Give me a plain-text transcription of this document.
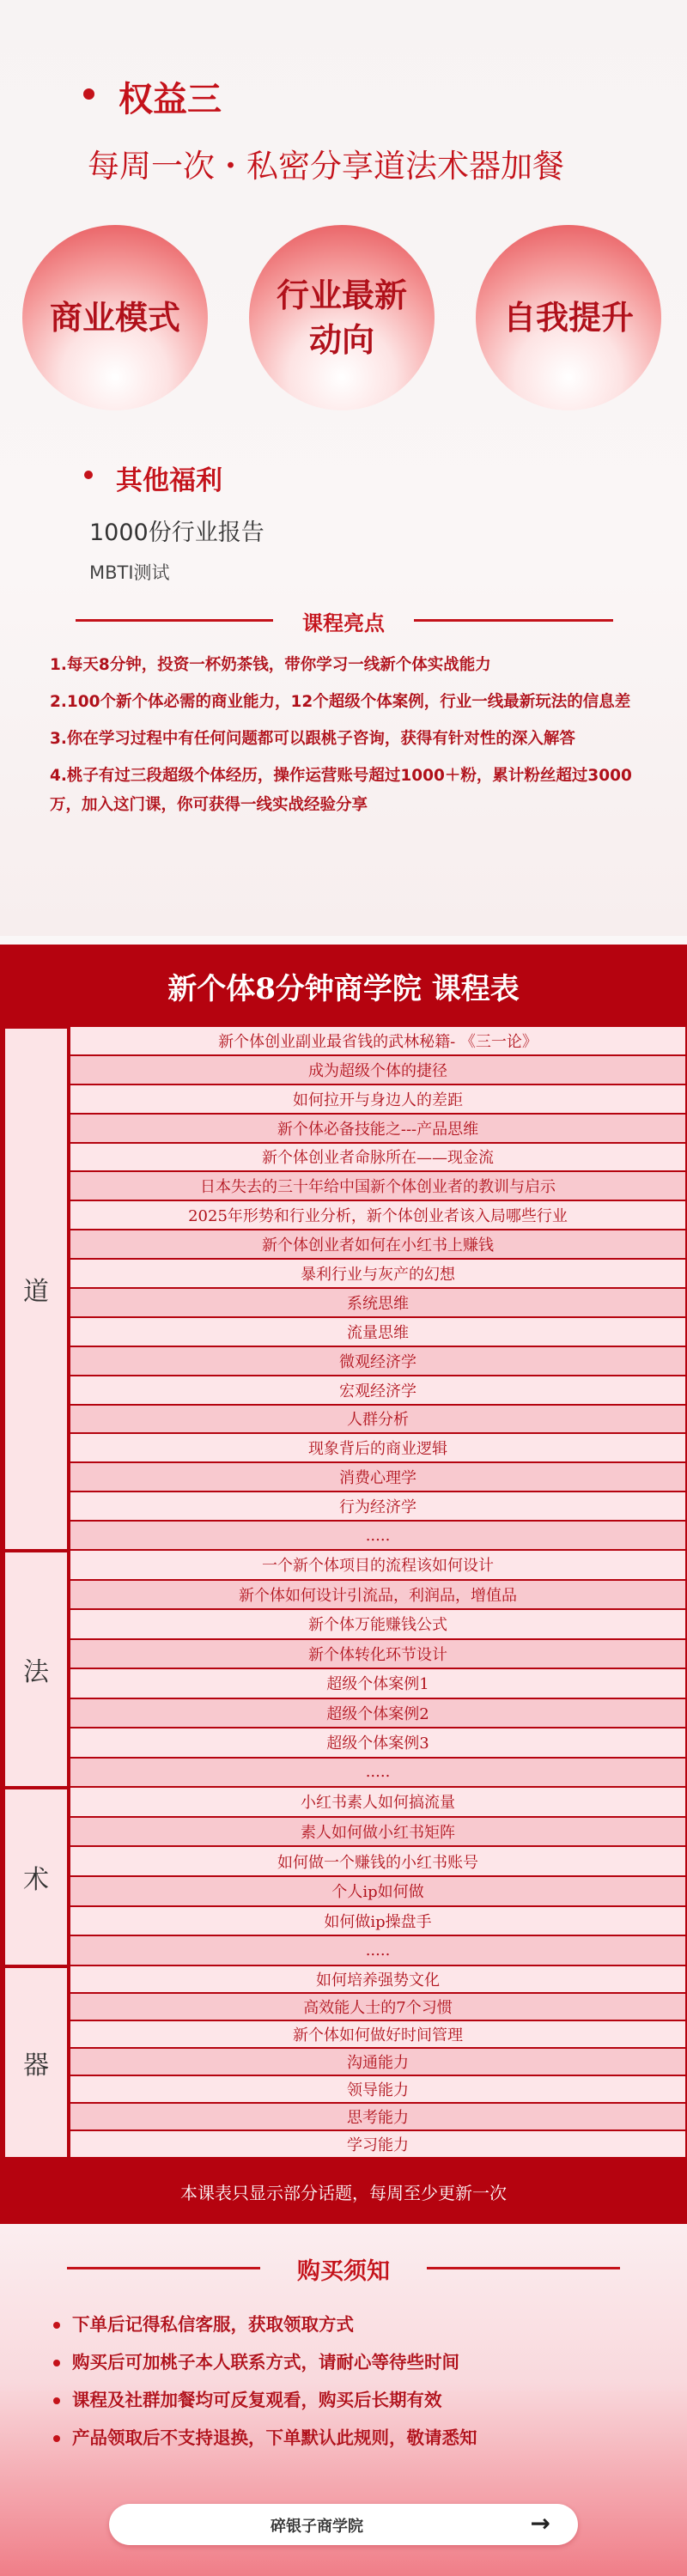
权益三
每周一次・私密分享道法术器加餐
商业模式
行业最新
动向
自我提升
其他福利
1000份行业报告
MBTI测试
课程亮点

1.每天8分钟，投资一杯奶茶钱，带你学习一线新个体实战能力

2.100个新个体必需的商业能力，12个超级个体案例，行业一线最新玩法的信息差

3.你在学习过程中有任何问题都可以跟桃子咨询，获得有针对性的深入解答

4.桃子有过三段超级个体经历，操作运营账号超过1000＋粉，累计粉丝超过3000万，加入这门课，你可获得一线实战经验分享

新个体8分钟商学院 课程表
道
新个体创业副业最省钱的武林秘籍- 《三一论》
成为超级个体的捷径
如何拉开与身边人的差距
新个体必备技能之---产品思维
新个体创业者命脉所在——现金流
日本失去的三十年给中国新个体创业者的教训与启示
2025年形势和行业分析，新个体创业者该入局哪些行业
新个体创业者如何在小红书上赚钱
暴利行业与灰产的幻想
系统思维
流量思维
微观经济学
宏观经济学
人群分析
现象背后的商业逻辑
消费心理学
行为经济学
.....
法
一个新个体项目的流程该如何设计
新个体如何设计引流品，利润品，增值品
新个体万能赚钱公式
新个体转化环节设计
超级个体案例1
超级个体案例2
超级个体案例3
.....
术
小红书素人如何搞流量
素人如何做小红书矩阵
如何做一个赚钱的小红书账号
个人ip如何做
如何做ip操盘手
.....
器
如何培养强势文化
高效能人士的7个习惯
新个体如何做好时间管理
沟通能力
领导能力
思考能力
学习能力
本课表只显示部分话题，每周至少更新一次
购买须知
下单后记得私信客服，获取领取方式
购买后可加桃子本人联系方式，请耐心等待些时间
课程及社群加餐均可反复观看，购买后长期有效
产品领取后不支持退换，下单默认此规则，敬请悉知
碎银子商学院	→
